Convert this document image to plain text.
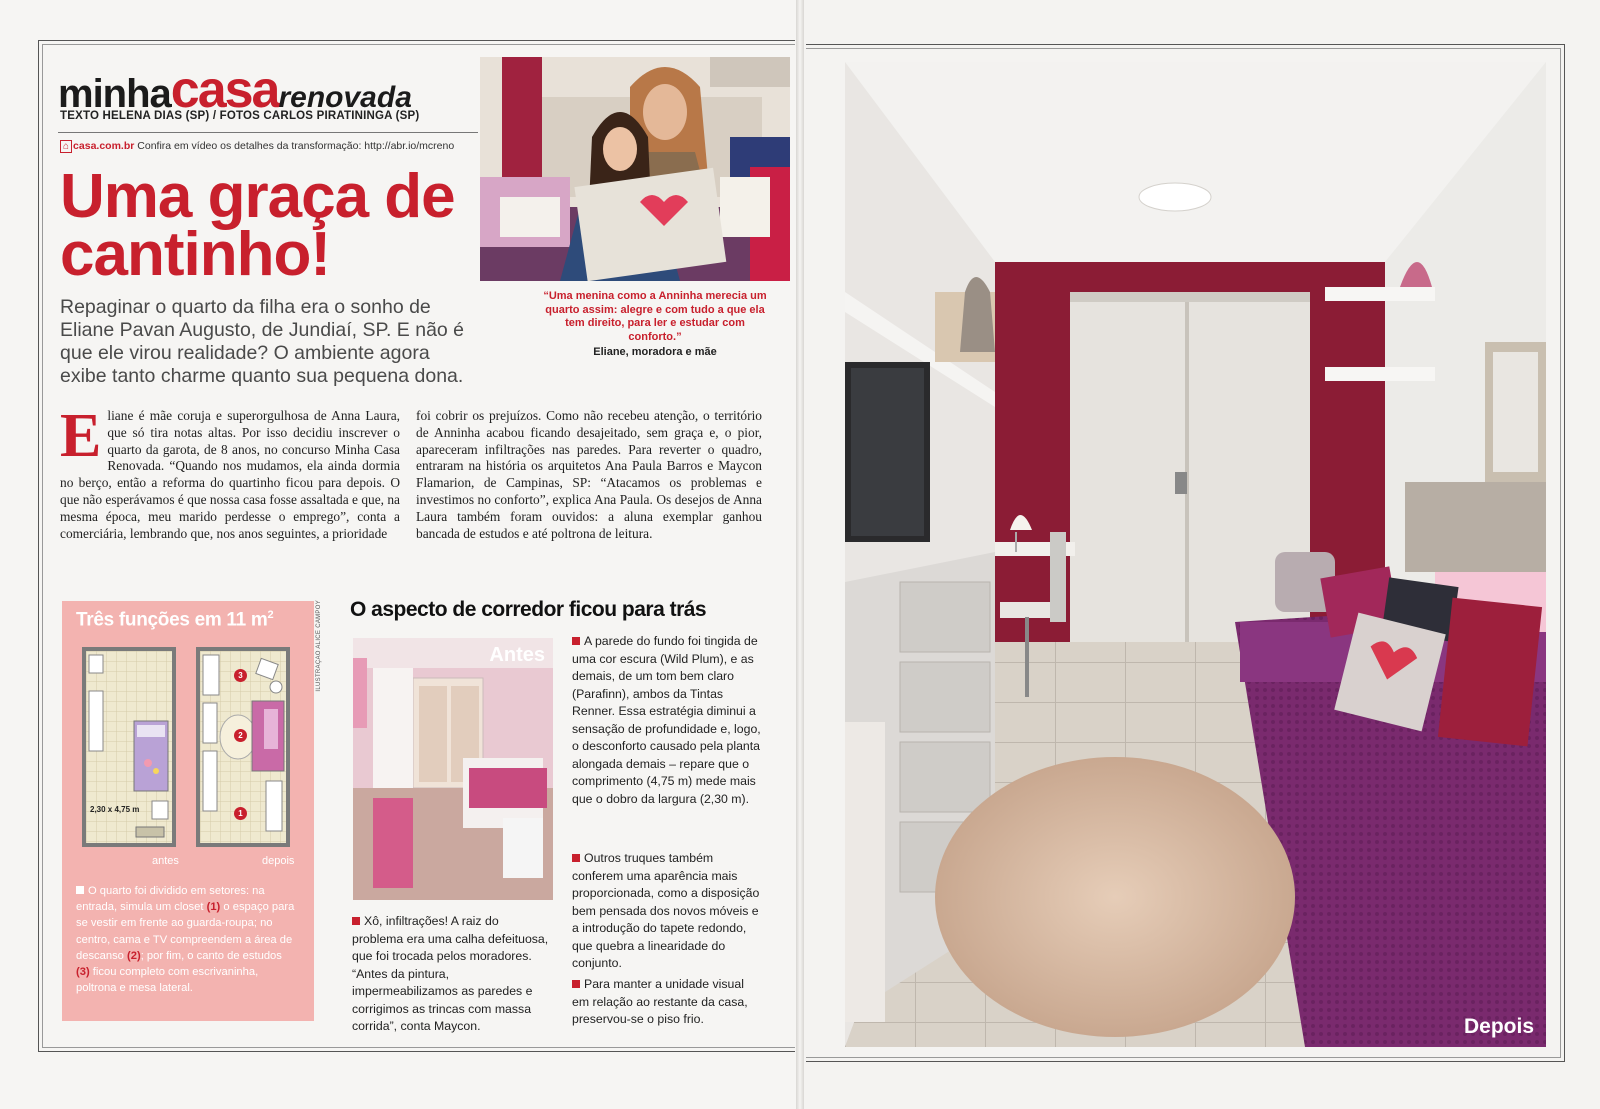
minhacasarenovada
TEXTO HELENA DIAS (SP) / FOTOS CARLOS PIRATININGA (SP)
⌂ casa.com.br Confira em vídeo os detalhes da transformação: http://abr.io/mcreno
Uma graça de cantinho!
Repaginar o quarto da filha era o sonho de Eliane Pavan Augusto, de Jundiaí, SP. E não é que ele virou realidade? O ambiente agora exibe tanto charme quanto sua pequena dona.
“Uma menina como a Anninha merecia um quarto assim: alegre e com tudo a que ela tem direito, para ler e estudar com conforto.”
Eliane, moradora e mãe
Eliane é mãe coruja e superorgulhosa de Anna Laura, que só tira notas altas. Por isso decidiu inscrever o quarto da garota, de 8 anos, no concurso Minha Casa Renovada. “Quando nos mudamos, ela ainda dormia no berço, então a reforma do quartinho ficou para depois. O que não esperávamos é que nossa casa fosse assaltada e que, na mesma época, meu marido perdesse o emprego”, conta a comerciária, lembrando que, nos anos seguintes, a prioridade
foi cobrir os prejuízos. Como não recebeu atenção, o território de Anninha acabou ficando desajeitado, sem graça e, o pior, apareceram infiltrações nas paredes. Para reverter o quadro, entraram na história os arquitetos Ana Paula Barros e Maycon Flamarion, de Campinas, SP: “Atacamos os problemas e investimos no conforto”, explica Ana Paula. Os desejos de Anna Laura também foram ouvidos: a aluna exemplar ganhou bancada de estudos e até poltrona de leitura.
ILUSTRAÇÃO ALICE CAMPOY
Três funções em 11 $m^2$
2,30 x 4,75 m
3
2
1
antes	depois
O quarto foi dividido em setores: na entrada, simula um closet (1) o espaço para se vestir em frente ao guarda-roupa; no centro, cama e TV compreendem a área de descanso (2); por fim, o canto de estudos (3) ficou completo com escrivaninha, poltrona e mesa lateral.
O aspecto de corredor ficou para trás
Antes
Xô, infiltrações! A raiz do problema era uma calha defeituosa, que foi trocada pelos moradores. “Antes da pintura, impermeabilizamos as paredes e corrigimos as trincas com massa corrida”, conta Maycon.
A parede do fundo foi tingida de uma cor escura (Wild Plum), e as demais, de um tom bem claro (Parafinn), ambos da Tintas Renner. Essa estratégia diminui a sensação de profundidade e, logo, o desconforto causado pela planta alongada demais – repare que o comprimento (4,75 m) mede mais que o dobro da largura (2,30 m).
Outros truques também conferem uma aparência mais proporcionada, como a disposição bem pensada dos novos móveis e a introdução do tapete redondo, que quebra a linearidade do conjunto.
Para manter a unidade visual em relação ao restante da casa, preservou-se o piso frio.	Depois
